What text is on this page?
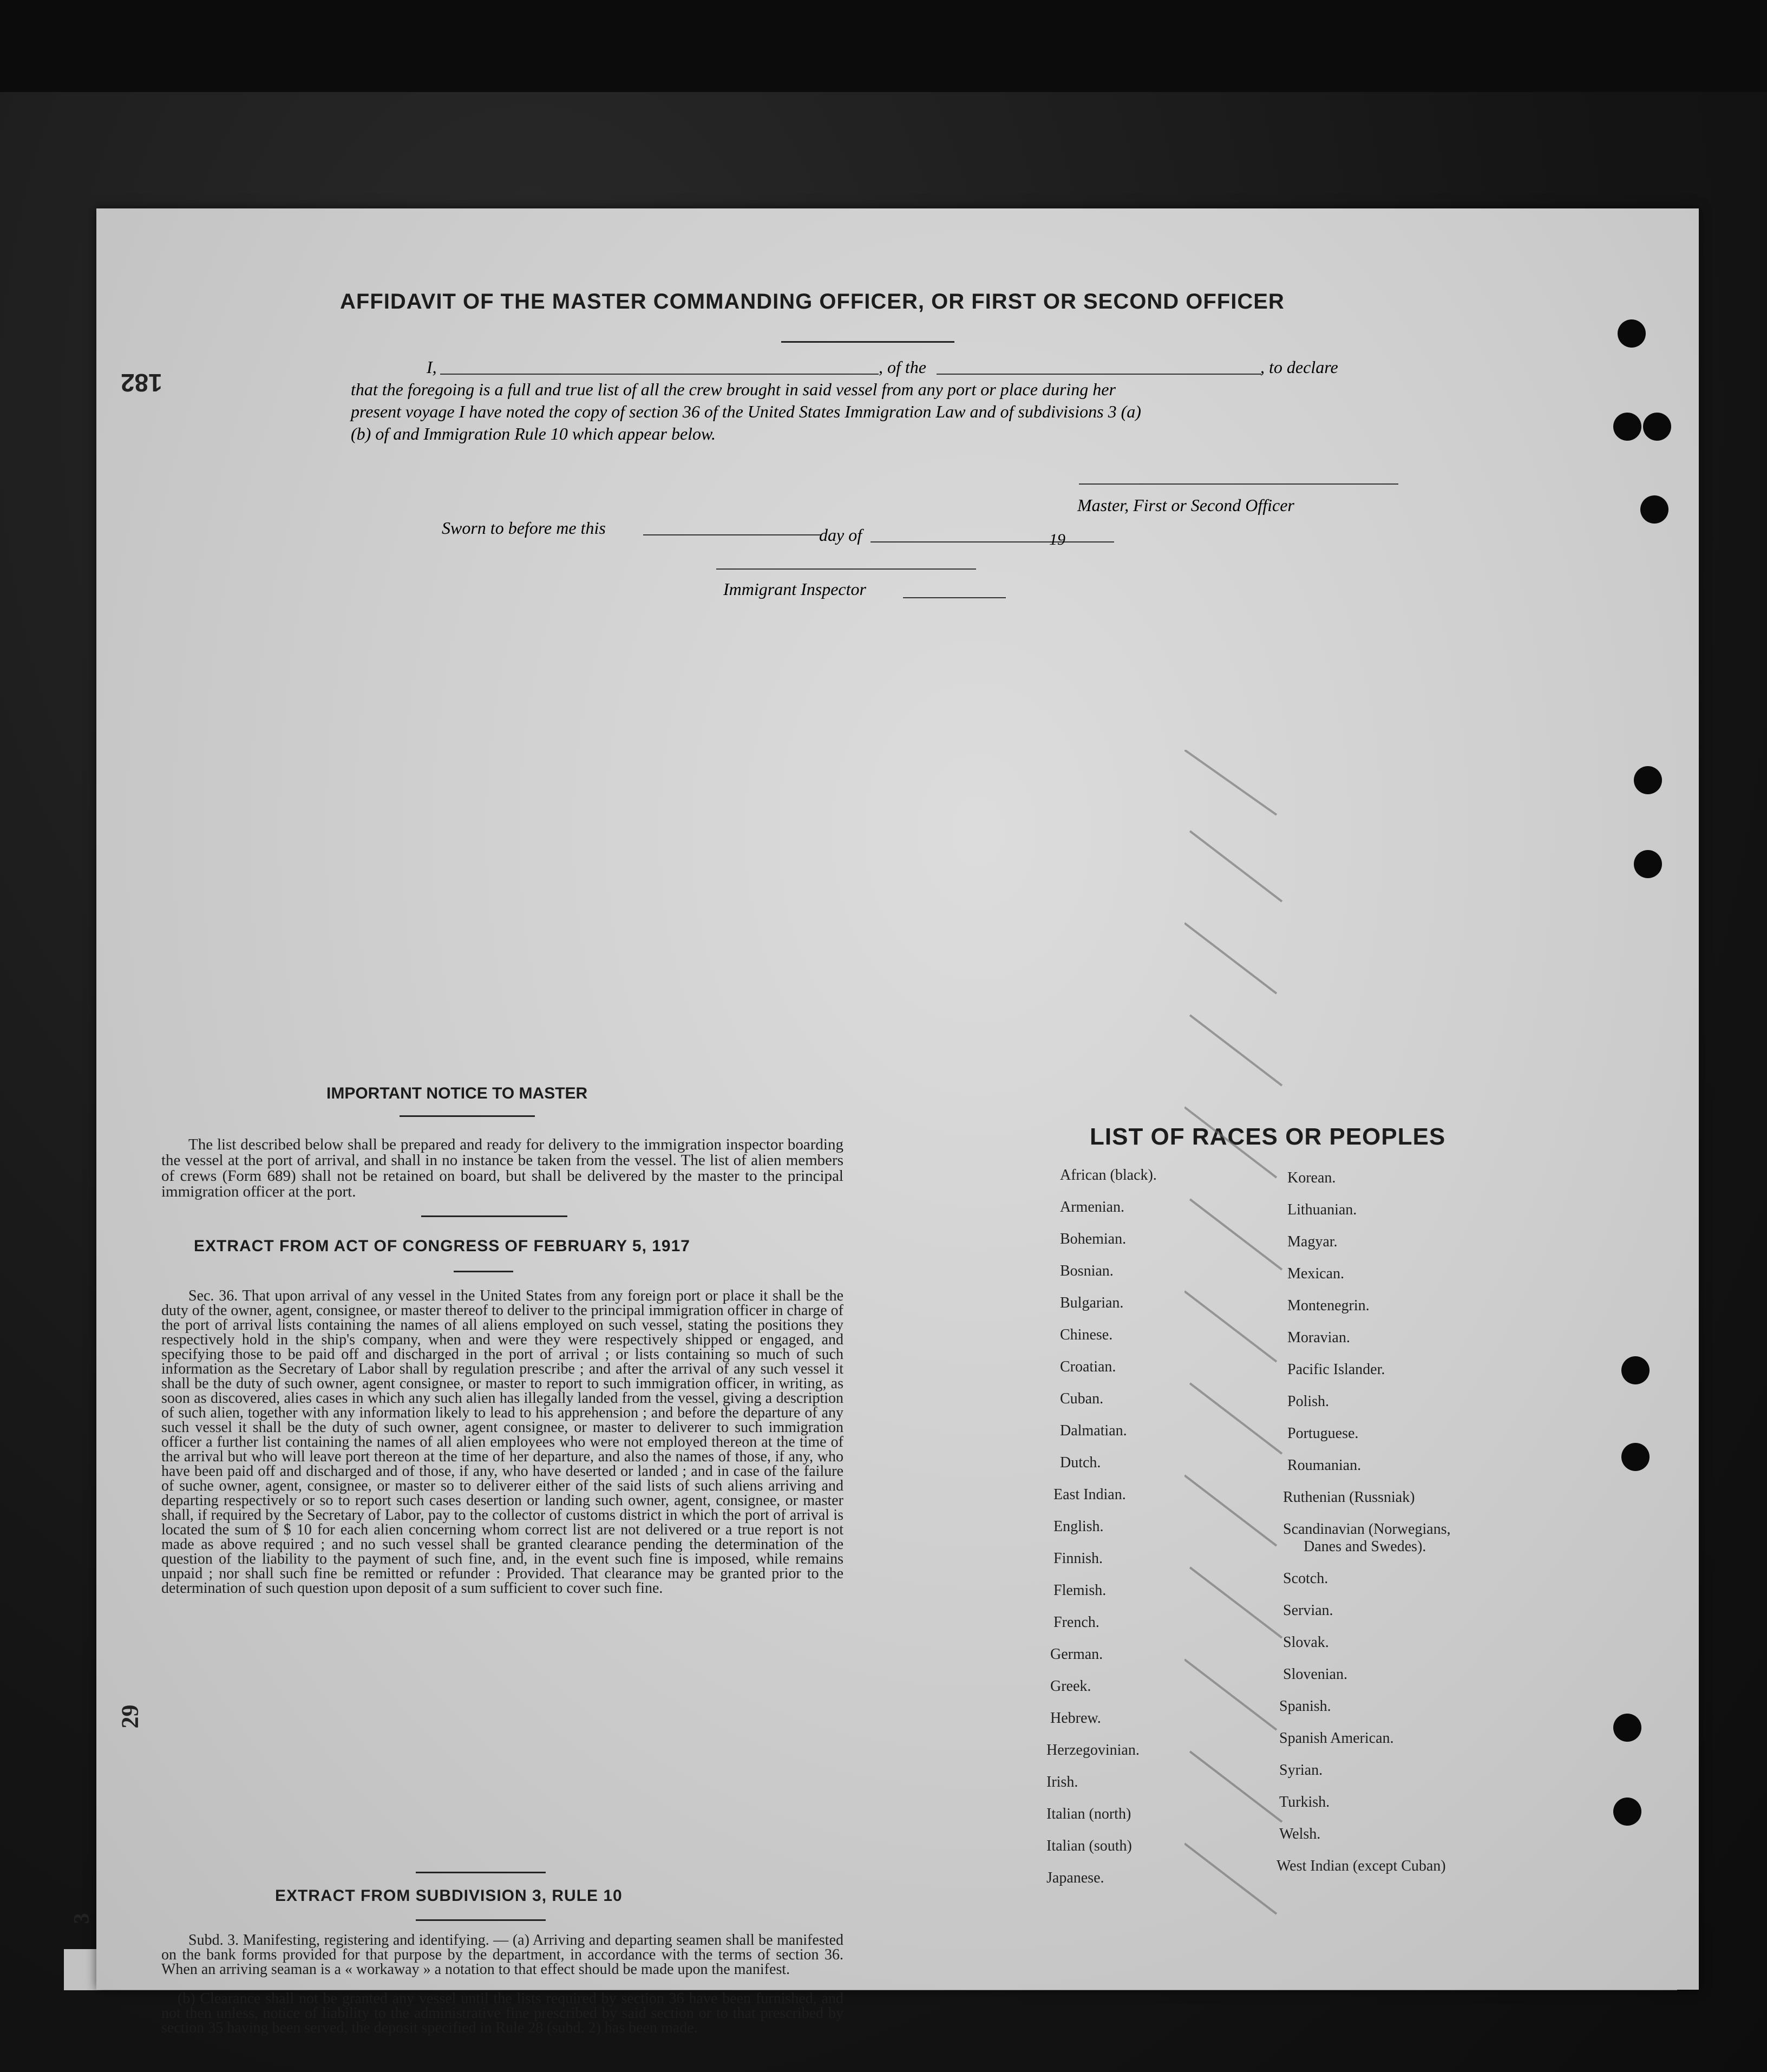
AFFIDAVIT OF THE MASTER COMMANDING OFFICER, OR FIRST OR SECOND OFFICER
I,	, of the	, to declare
that the foregoing is a full and true list of all the crew brought in said vessel from any port or place during her
present voyage I have noted the copy of section 36 of the United States Immigration Law and of subdivisions 3 (a)
(b) of and Immigration Rule 10 which appear below.
Master, First or Second Officer
Sworn to before me this	day of	19
Immigrant Inspector
IMPORTANT NOTICE TO MASTER
The list described below shall be prepared and ready for delivery to the immigration inspector boarding the vessel at the port of arrival, and shall in no instance be taken from the vessel. The list of alien members of crews (Form 689) shall not be retained on board, but shall be delivered by the master to the principal immigration officer at the port.
EXTRACT FROM ACT OF CONGRESS OF FEBRUARY 5, 1917
Sec. 36. That upon arrival of any vessel in the United States from any foreign port or place it shall be the duty of the owner, agent, consignee, or master thereof to deliver to the principal immigration officer in charge of the port of arrival lists containing the names of all aliens employed on such vessel, stating the positions they respectively hold in the ship's company, when and were they were respectively shipped or engaged, and specifying those to be paid off and discharged in the port of arrival ; or lists containing so much of such information as the Secretary of Labor shall by regulation prescribe ; and after the arrival of any such vessel it shall be the duty of such owner, agent consignee, or master to report to such immigration officer, in writing, as soon as discovered, alies cases in which any such alien has illegally landed from the vessel, giving a description of such alien, together with any information likely to lead to his apprehension ; and before the departure of any such vessel it shall be the duty of such owner, agent consignee, or master to deliverer to such immigration officer a further list containing the names of all alien employees who were not employed thereon at the time of the arrival but who will leave port thereon at the time of her departure, and also the names of those, if any, who have been paid off and discharged and of those, if any, who have deserted or landed ; and in case of the failure of suche owner, agent, consignee, or master so to deliverer either of the said lists of such aliens arriving and departing respectively or so to report such cases desertion or landing such owner, agent, consignee, or master shall, if required by the Secretary of Labor, pay to the collector of customs district in which the port of arrival is located the sum of $ 10 for each alien concerning whom correct list are not delivered or a true report is not made as above required ; and no such vessel shall be granted clearance pending the determination of the question of the liability to the payment of such fine, and, in the event such fine is imposed, while remains unpaid ; nor shall such fine be remitted or refunder : Provided. That clearance may be granted prior to the determination of such question upon deposit of a sum sufficient to cover such fine.
EXTRACT FROM SUBDIVISION 3, RULE 10
Subd. 3. Manifesting, registering and identifying. — (a) Arriving and departing seamen shall be manifested on the bank forms provided for that purpose by the department, in accordance with the terms of section 36. When an arriving seaman is a « workaway » a notation to that effect should be made upon the manifest.
(b) Clearance shall not be granted any vessel until the lists required by section 36 have been furnished, and not then unless, notice of liability to the administrative fine prescribed by said section or to that prescribed by section 35 having been served, the deposit specified in Rule 28 (subd. 2) has been made.
LIST OF RACES OR PEOPLES
African (black).
Armenian.
Bohemian.
Bosnian.
Bulgarian.
Chinese.
Croatian.
Cuban.
Dalmatian.
Dutch.
East Indian.
English.
Finnish.
Flemish.
French.
German.
Greek.
Hebrew.
Herzegovinian.
Irish.
Italian (north)
Italian (south)
Japanese.
Korean.
Lithuanian.
Magyar.
Mexican.
Montenegrin.
Moravian.
Pacific Islander.
Polish.
Portuguese.
Roumanian.
Ruthenian (Russniak)
Scandinavian (Norwegians,
Danes and Swedes).
Scotch.
Servian.
Slovak.
Slovenian.
Spanish.
Spanish American.
Syrian.
Turkish.
Welsh.
West Indian (except Cuban)
182
29
3
